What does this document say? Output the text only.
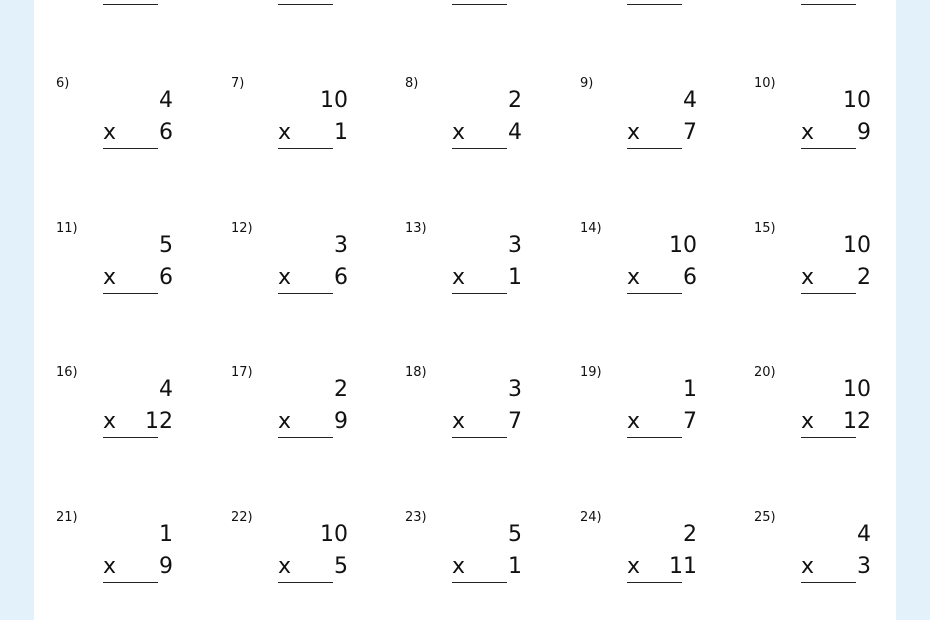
6)
4
x 6
7)
10
x 1
8)
2
x 4
9)
4
x 7
10)
10
x 9
11)
5
x 6
12)
3
x 6
13)
3
x 1
14)
10
x 6
15)
10
x 2
16)
4
x 12
17)
2
x 9
18)
3
x 7
19)
1
x 7
20)
10
x 12
21)
1
x 9
22)
10
x 5
23)
5
x 1
24)
2
x 11
25)
4
x 3
